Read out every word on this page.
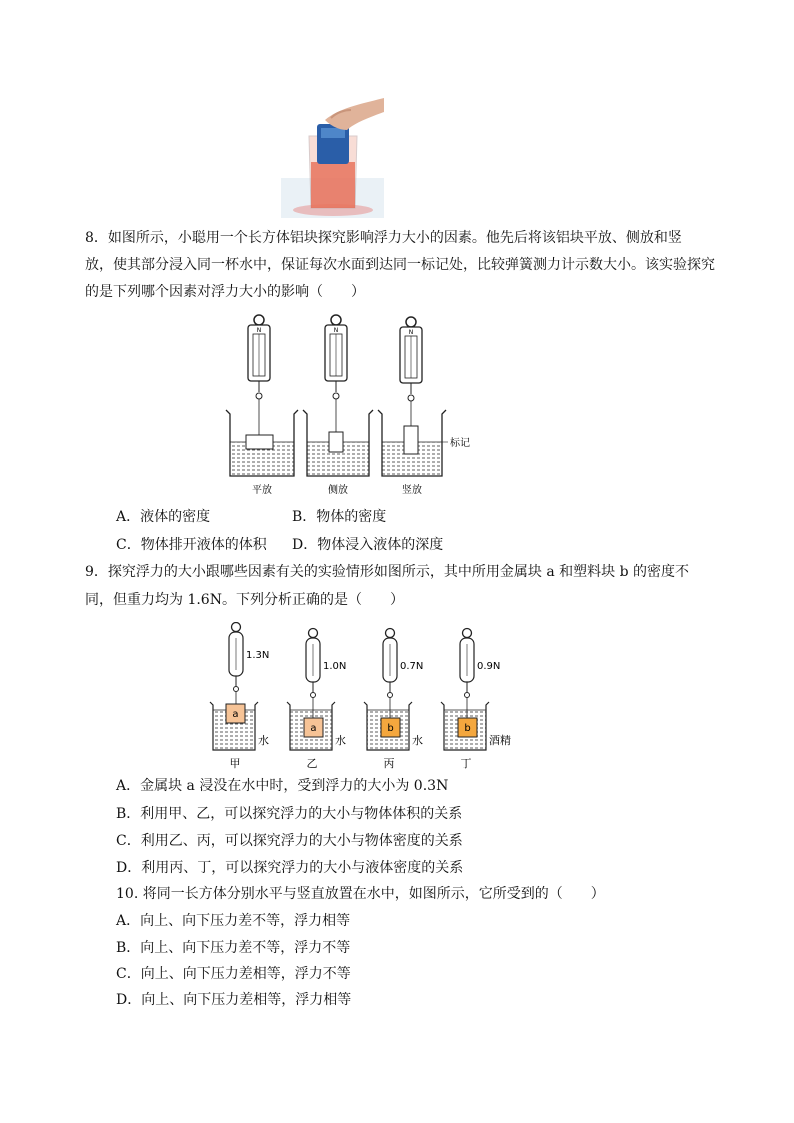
8．如图所示，小聪用一个长方体铝块探究影响浮力大小的因素。他先后将该铝块平放、侧放和竖
放，使其部分浸入同一杯水中，保证每次水面到达同一标记处，比较弹簧测力计示数大小。该实验探究
的是下列哪个因素对浮力大小的影响（　　）
N	N	N
标记
平放	侧放	竖放
A．液体的密度	B．物体的密度
C．物体排开液体的体积 D．物体浸入液体的深度
9．探究浮力的大小跟哪些因素有关的实验情形如图所示，其中所用金属块 a 和塑料块 b 的密度不
同，但重力均为 1.6N。下列分析正确的是（　　）
1.3N
a
水
甲
1.0N
a
水
乙
0.7N
b
水
丙
0.9N
b
酒精
丁
A．金属块 a 浸没在水中时，受到浮力的大小为 0.3N
B．利用甲、乙，可以探究浮力的大小与物体体积的关系
C．利用乙、丙，可以探究浮力的大小与物体密度的关系
D．利用丙、丁，可以探究浮力的大小与液体密度的关系
10. 将同一长方体分别水平与竖直放置在水中，如图所示，它所受到的（　　）
A．向上、向下压力差不等，浮力相等
B．向上、向下压力差不等，浮力不等
C．向上、向下压力差相等，浮力不等
D．向上、向下压力差相等，浮力相等
